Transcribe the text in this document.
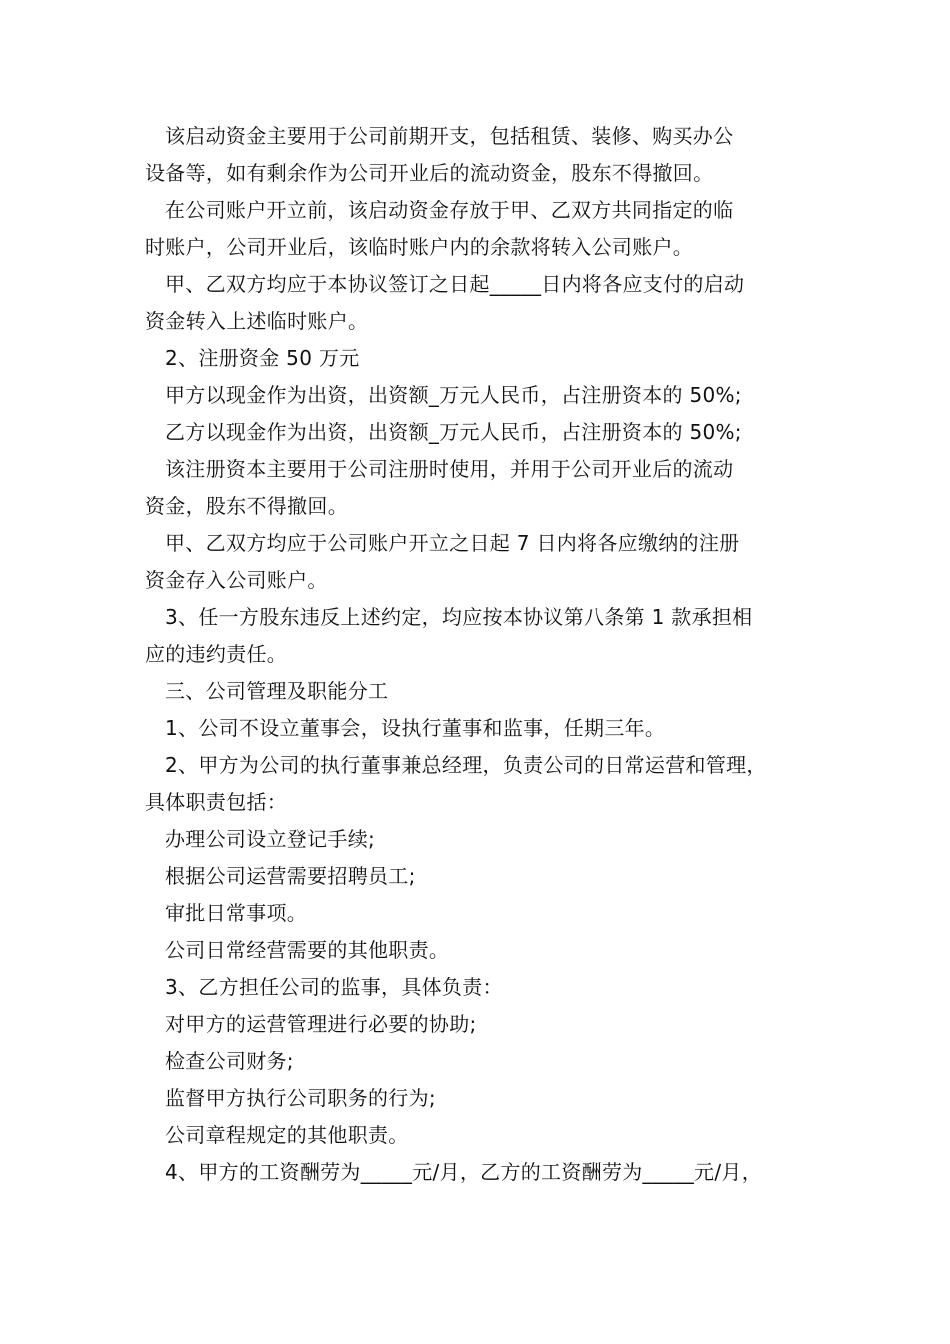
该启动资金主要用于公司前期开支，包括租赁、装修、购买办公
设备等，如有剩余作为公司开业后的流动资金，股东不得撤回。
在公司账户开立前，该启动资金存放于甲、乙双方共同指定的临
时账户，公司开业后，该临时账户内的余款将转入公司账户。
甲、乙双方均应于本协议签订之日起_____日内将各应支付的启动
资金转入上述临时账户。
2、注册资金 50 万元
甲方以现金作为出资，出资额_万元人民币，占注册资本的 50%;
乙方以现金作为出资，出资额_万元人民币，占注册资本的 50%;
该注册资本主要用于公司注册时使用，并用于公司开业后的流动
资金，股东不得撤回。
甲、乙双方均应于公司账户开立之日起 7 日内将各应缴纳的注册
资金存入公司账户。
3、任一方股东违反上述约定，均应按本协议第八条第 1 款承担相
应的违约责任。
三、公司管理及职能分工
1、公司不设立董事会，设执行董事和监事，任期三年。
2、甲方为公司的执行董事兼总经理，负责公司的日常运营和管理，
具体职责包括：
办理公司设立登记手续;
根据公司运营需要招聘员工;
审批日常事项。
公司日常经营需要的其他职责。
3、乙方担任公司的监事，具体负责：
对甲方的运营管理进行必要的协助;
检查公司财务;
监督甲方执行公司职务的行为;
公司章程规定的其他职责。
4、甲方的工资酬劳为_____元/月，乙方的工资酬劳为_____元/月，
